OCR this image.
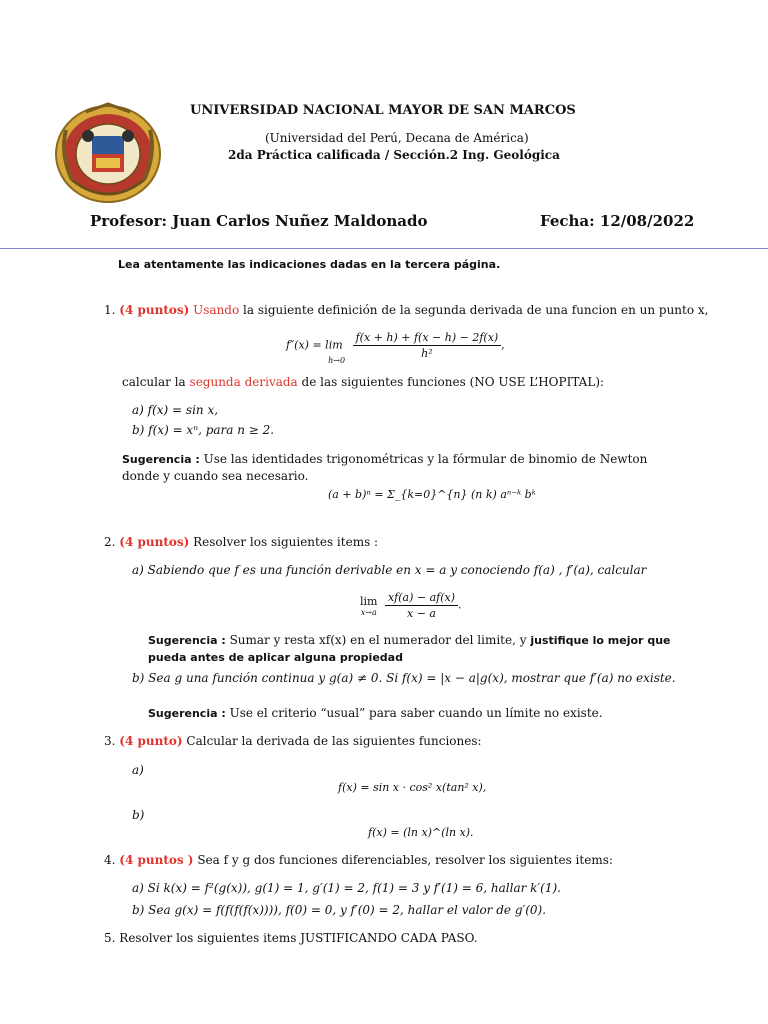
UNIVERSIDAD NACIONAL MAYOR DE SAN MARCOS
(Universidad del Perú, Decana de América)
2da Práctica calificada / Sección.2 Ing. Geológica
Profesor: Juan Carlos Nuñez Maldonado	Fecha: 12/08/2022
Lea atentamente las indicaciones dadas en la tercera página.
1. (4 puntos) Usando la siguiente definición de la segunda derivada de una funcion en un punto x,
f″(x) = lim
h→0
$\frac{f(x + h) + f(x - h) - 2f(x)}{\text{h²}}$ ,
calcular la segunda derivada de las siguientes funciones (NO USE L’HOPITAL):
a) f(x) = sin x,
b) f(x) = xⁿ, para n ≥ 2.
Sugerencia : Use las identidades trigonométricas y la fórmular de binomio de Newton donde y cuando sea necesario.
(a + b)ⁿ = Σ_{k=0}^{n} (n k) aⁿ⁻ᵏ bᵏ
2. (4 puntos) Resolver los siguientes items :
a) Sabiendo que f es una función derivable en x = a y conociendo f(a) , f′(a), calcular
lim
x→a
$\frac{xf(a) - af(x)}{x - a}$ .
Sugerencia : Sumar y resta xf(x) en el numerador del limite, y justifique lo mejor que pueda antes de aplicar alguna propiedad
b) Sea g una función continua y g(a) ≠ 0. Si f(x) = |x − a|g(x), mostrar que f′(a) no existe.
Sugerencia : Use el criterio “usual” para saber cuando un límite no existe.
3. (4 punto) Calcular la derivada de las siguientes funciones:
a)
f(x) = sin x · cos² x(tan² x),
b)
f(x) = (ln x)^(ln x).
4. (4 puntos ) Sea f y g dos funciones diferenciables, resolver los siguientes items:
a) Si k(x) = f²(g(x)), g(1) = 1, g′(1) = 2, f(1) = 3 y f′(1) = 6, hallar k′(1).
b) Sea g(x) = f(f(f(f(x)))), f(0) = 0, y f′(0) = 2, hallar el valor de g′(0).
5. Resolver los siguientes items JUSTIFICANDO CADA PASO.
